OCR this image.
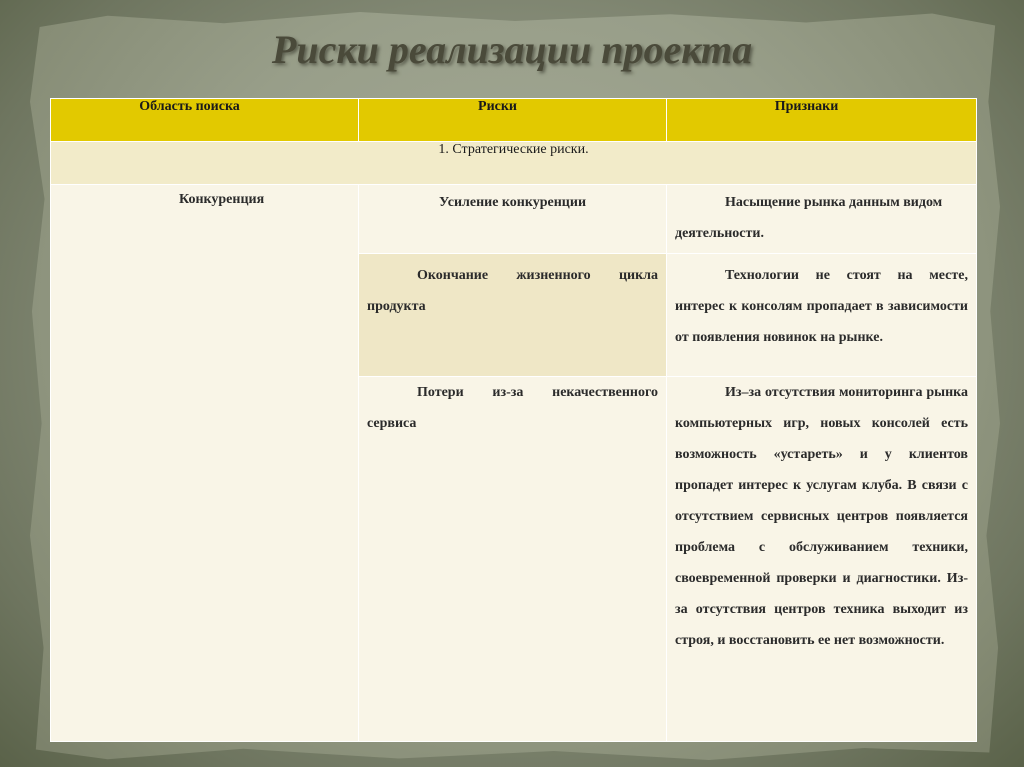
Риски реализации проекта
Область поиска	Риски	Признаки

1. Стратегические риски.		

Конкуренция	Усиление конкуренции	Насыщение рынка данным видом деятельности.

	Окончание жизненного цикла продукта	Технологии не стоят на месте, интерес к консолям пропадает в зависимости от появления новинок на рынке.

	Потери из-за некачественного сервиса	Из–за отсутствия мониторинга рынка компьютерных игр, новых консолей есть возможность «устареть» и у клиентов пропадет интерес к услугам клуба. В связи с отсутствием сервисных центров появляется проблема с обслуживанием техники, своевременной проверки и диагностики. Из- за отсутствия центров техника выходит из строя, и восстановить ее нет возможности.
